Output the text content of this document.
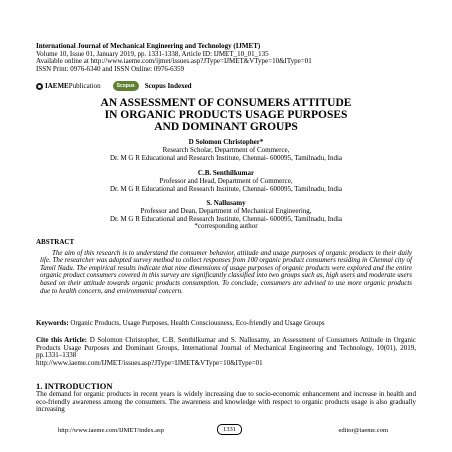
International Journal of Mechanical Engineering and Technology (IJMET)
Volume 10, Issue 01, January 2019, pp. 1331-1338, Article ID: IJMET_10_01_135
Available online at http://www.iaeme.com/ijmet/issues.asp?JType=IJMET&VType=10&IType=01
ISSN Print: 0976-6340 and ISSN Online: 0976-6359
IAEME Publication	Scopus	Scopus Indexed
AN ASSESSMENT OF CONSUMERS ATTITUDE
IN ORGANIC PRODUCTS USAGE PURPOSES
AND DOMINANT GROUPS
D Solomon Christopher*
Research Scholar, Department of Commerce,
Dr. M G R Educational and Research Institute, Chennai- 600095, Tamilnadu, India
C.B. Senthilkumar
Professor and Head, Department of Commerce,
Dr. M G R Educational and Research Institute, Chennai- 600095, Tamilnadu, India
S. Nallusamy
Professor and Dean, Department of Mechanical Engineering,
Dr. M G R Educational and Research Institute, Chennai- 600095, Tamilnadu, India
*corresponding author
ABSTRACT
The aim of this research is to understand the consumer behavior, attitude and usage purposes of organic products in their daily life. The researcher was adopted survey method to collect responses from 100 organic product consumers residing in Chennai city of Tamil Nadu. The empirical results indicate that nine dimensions of usage purposes of organic products were explored and the entire organic product consumers covered in this survey are significantly classified into two groups such as, high users and moderate users based on their attitude towards organic products consumption. To conclude, consumers are advised to use more organic products due to health concern, and environmental concern.
Keywords: Organic Products, Usage Purposes, Health Consciousness, Eco-friendly and Usage Groups
Cite this Article: D Solomon Christopher, C.B. Senthilkumar and S. Nallusamy, an Assessment of Consumers Attitude in Organic Products Usage Purposes and Dominant Groups, International Journal of Mechanical Engineering and Technology, 10(01), 2019, pp.1331–1338
http://www.iaeme.com/IJMET/issues.asp?JType=IJMET&VType=10&IType=01
1. INTRODUCTION
The demand for organic products in recent years is widely increasing due to socio-economic enhancement and increase in health and eco-friendly awareness among the consumers. The awareness and knowledge with respect to organic products usage is also gradually increasing
http://www.iaeme.com/IJMET/index.asp	1331	editor@iaeme.com
